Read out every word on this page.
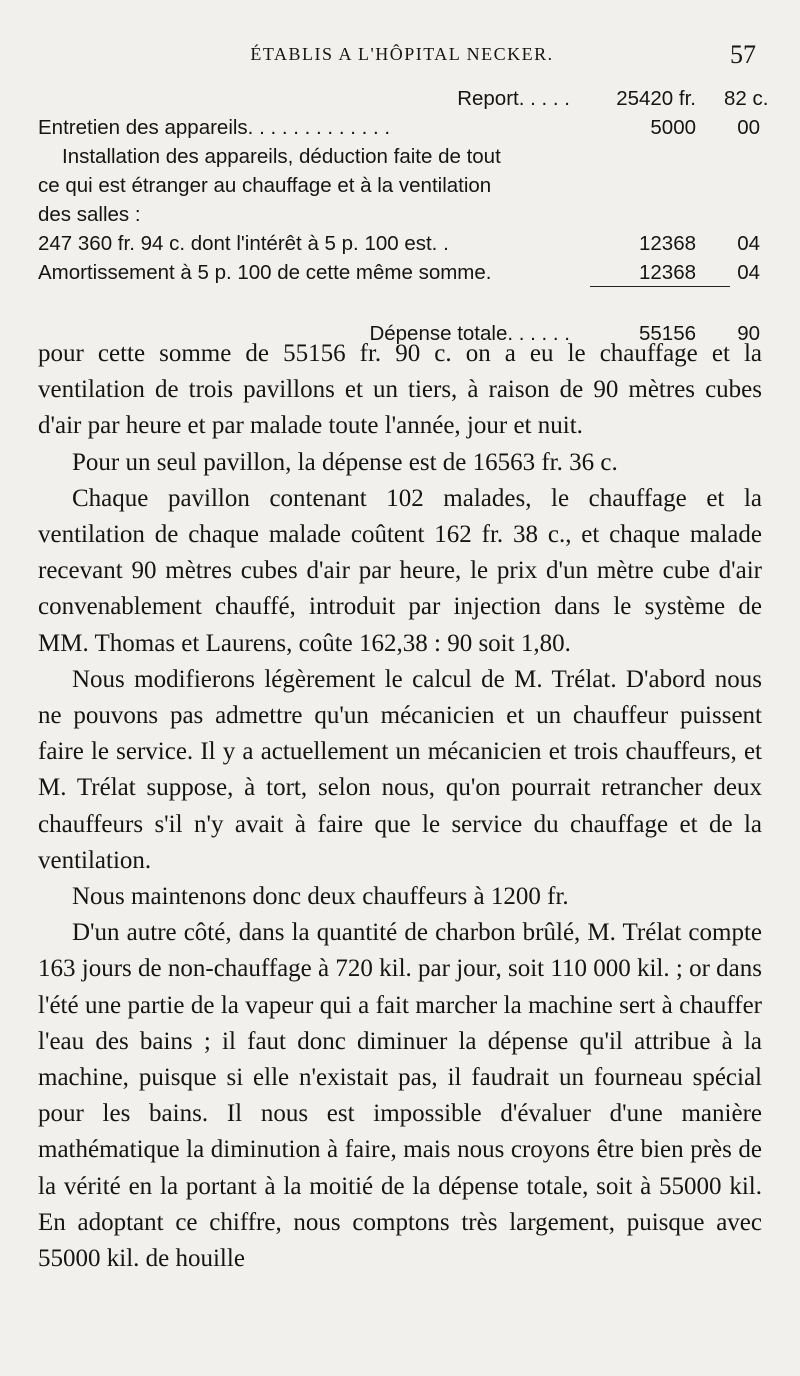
ÉTABLIS A L'HÔPITAL NECKER.	57
Report. . . . .	25420 fr. 82 c.
Entretien des appareils. . . . . . . . . . . . .	5000	00
Installation des appareils, déduction faite de tout
ce qui est étranger au chauffage et à la ventilation
des salles :
247 360 fr. 94 c. dont l'intérêt à 5 p. 100 est. .	12368	04
Amortissement à 5 p. 100 de cette même somme.	12368	04
Dépense totale. . . . . .	55156	90

pour cette somme de 55156 fr. 90 c. on a eu le chauffage et la ventilation de trois pavillons et un tiers, à raison de 90 mètres cubes d'air par heure et par malade toute l'année, jour et nuit.

Pour un seul pavillon, la dépense est de 16563 fr. 36 c.

Chaque pavillon contenant 102 malades, le chauffage et la ventilation de chaque malade coûtent 162 fr. 38 c., et chaque malade recevant 90 mètres cubes d'air par heure, le prix d'un mètre cube d'air convenablement chauffé, introduit par injection dans le système de MM. Thomas et Laurens, coûte 162,38 : 90 soit 1,80.

Nous modifierons légèrement le calcul de M. Trélat. D'abord nous ne pouvons pas admettre qu'un mécanicien et un chauffeur puissent faire le service. Il y a actuellement un mécanicien et trois chauffeurs, et M. Trélat suppose, à tort, selon nous, qu'on pourrait retrancher deux chauffeurs s'il n'y avait à faire que le service du chauffage et de la ventilation.

Nous maintenons donc deux chauffeurs à 1200 fr.

D'un autre côté, dans la quantité de charbon brûlé, M. Trélat compte 163 jours de non-chauffage à 720 kil. par jour, soit 110 000 kil. ; or dans l'été une partie de la vapeur qui a fait marcher la machine sert à chauffer l'eau des bains ; il faut donc diminuer la dépense qu'il attribue à la machine, puisque si elle n'existait pas, il faudrait un fourneau spécial pour les bains. Il nous est impossible d'évaluer d'une manière mathématique la diminution à faire, mais nous croyons être bien près de la vérité en la portant à la moitié de la dépense totale, soit à 55000 kil. En adoptant ce chiffre, nous comptons très largement, puisque avec 55000 kil. de houille
